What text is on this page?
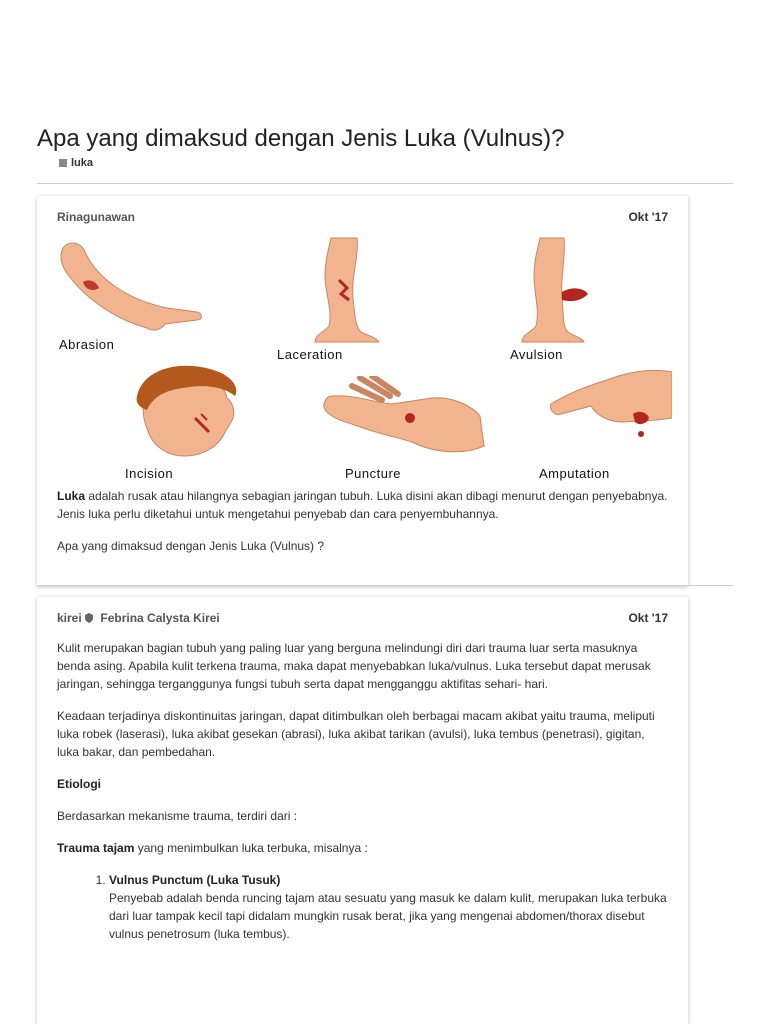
Apa yang dimaksud dengan Jenis Luka (Vulnus)?
luka
Rinagunawan	Okt '17
Abrasion
Laceration	Avulsion
Incision	Puncture	Amputation

Luka adalah rusak atau hilangnya sebagian jaringan tubuh. Luka disini akan dibagi menurut dengan penyebabnya. Jenis luka perlu diketahui untuk mengetahui penyebab dan cara penyembuhannya.

Apa yang dimaksud dengan Jenis Luka (Vulnus) ?

kirei Febrina Calysta Kirei	Okt '17

Kulit merupakan bagian tubuh yang paling luar yang berguna melindungi diri dari trauma luar serta masuknya benda asing. Apabila kulit terkena trauma, maka dapat menyebabkan luka/vulnus. Luka tersebut dapat merusak jaringan, sehingga terganggunya fungsi tubuh serta dapat mengganggu aktifitas sehari- hari.

Keadaan terjadinya diskontinuitas jaringan, dapat ditimbulkan oleh berbagai macam akibat yaitu trauma, meliputi luka robek (laserasi), luka akibat gesekan (abrasi), luka akibat tarikan (avulsi), luka tembus (penetrasi), gigitan, luka bakar, dan pembedahan.

Etiologi

Berdasarkan mekanisme trauma, terdiri dari :

Trauma tajam yang menimbulkan luka terbuka, misalnya :

1. Vulnus Punctum (Luka Tusuk)
Penyebab adalah benda runcing tajam atau sesuatu yang masuk ke dalam kulit, merupakan luka terbuka dari luar tampak kecil tapi didalam mungkin rusak berat, jika yang mengenai abdomen/thorax disebut vulnus penetrosum (luka tembus).
